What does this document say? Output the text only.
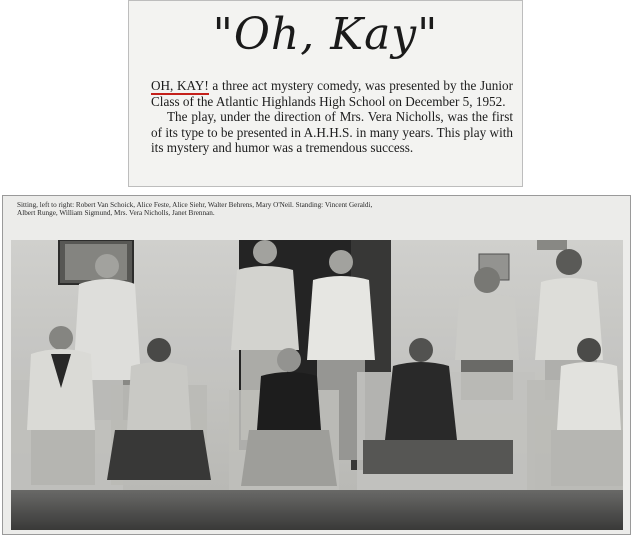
"Oh, Kay"

OH, KAY! a three act mystery comedy, was presented by the Junior Class of the Atlantic Highlands High School on December 5, 1952.

The play, under the direction of Mrs. Vera Nicholls, was the first of its type to be presented in A.H.H.S. in many years. This play with its mystery and humor was a tremendous success.

Sitting, left to right: Robert Van Schoick, Alice Feste, Alice Siehr, Walter Behrens, Mary O'Neil. Standing: Vincent Geraldi, Albert Runge, William Sigmund, Mrs. Vera Nicholls, Janet Brennan.
